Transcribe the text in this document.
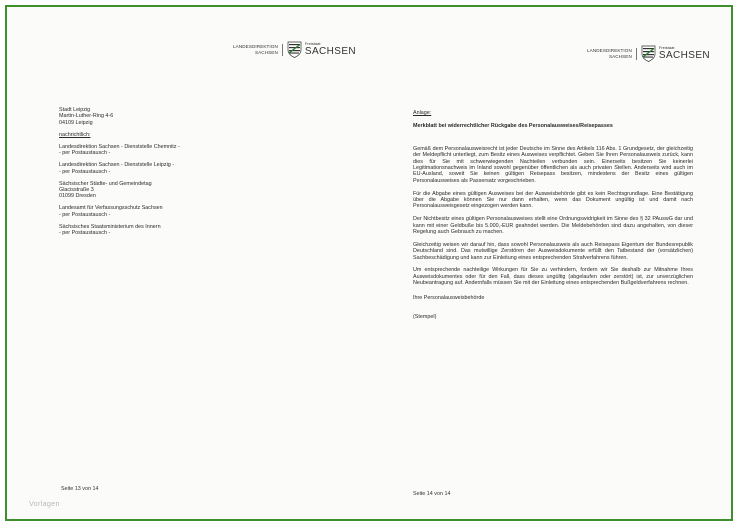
LANDESDIREKTION
SACHSEN
Freistaat
SACHSEN
Stadt Leipzig
Martin-Luther-Ring 4-6
04109 Leipzig
nachrichtlich:
Landesdirektion Sachsen - Dienststelle Chemnitz -
- per Postaustausch -
Landesdirektion Sachsen - Dienststelle Leipzig -
- per Postaustausch -
Sächsischer Städte- und Gemeindetag
Glacisstraße 3
01099 Dresden
Landesamt für Verfassungsschutz Sachsen
- per Postaustausch -
Sächsisches Staatsministerium des Innern
- per Postaustausch -
Seite 13 von 14
LANDESDIREKTION
SACHSEN
Freistaat
SACHSEN
Anlage:
Merkblatt bei widerrechtlicher Rückgabe des Personalausweises/Reisepasses
Gemäß dem Personalausweisrecht ist jeder Deutsche im Sinne des Artikels 116 Abs. 1 Grundgesetz, der gleichzeitig der Meldepflicht unterliegt, zum Besitz eines Ausweises verpflichtet. Geben Sie Ihren Personalausweis zurück, kann dies für Sie mit schwerwiegenden Nachteilen verbunden sein. Einerseits besitzen Sie keinerlei Legitimationsnachweis im Inland sowohl gegenüber öffentlichen als auch privaten Stellen. Anderseits wird auch im EU-Ausland, soweit Sie keinen gültigen Reisepass besitzen, mindestens der Besitz eines gültigen Personalausweises als Passersatz vorgeschrieben.
Für die Abgabe eines gültigen Ausweises bei der Ausweisbehörde gibt es kein Rechtsgrundlage. Eine Bestätigung über die Abgabe können Sie nur dann erhalten, wenn das Dokument ungültig ist und damit nach Personalausweisgesetz eingezogen werden kann.
Der Nichtbesitz eines gültigen Personalausweises stellt eine Ordnungswidrigkeit im Sinne des § 32 PAuswG dar und kann mit einer Geldbuße bis 5.000,-EUR geahndet werden. Die Meldebehörden sind dazu angehalten, von dieser Regelung auch Gebrauch zu machen.
Gleichzeitig weisen wir darauf hin, dass sowohl Personalausweis als auch Reisepass Eigentum der Bundesrepublik Deutschland sind. Das mutwillige Zerstören der Ausweisdokumente erfüllt den Tatbestand der (vorsätzlichen) Sachbeschädigung und kann zur Einleitung eines entsprechenden Strafverfahrens führen.
Um entsprechende nachteilige Wirkungen für Sie zu verhindern, fordern wir Sie deshalb zur Mitnahme Ihres Ausweisdokumentes oder für den Fall, dass dieses ungültig (abgelaufen oder zerstört) ist, zur unverzüglichen Neubeantragung auf. Andernfalls müssen Sie mit der Einleitung eines entsprechenden Bußgeldverfahrens rechnen.
Ihre Personalausweisbehörde
(Stempel)
Seite 14 von 14
Vorlagen
